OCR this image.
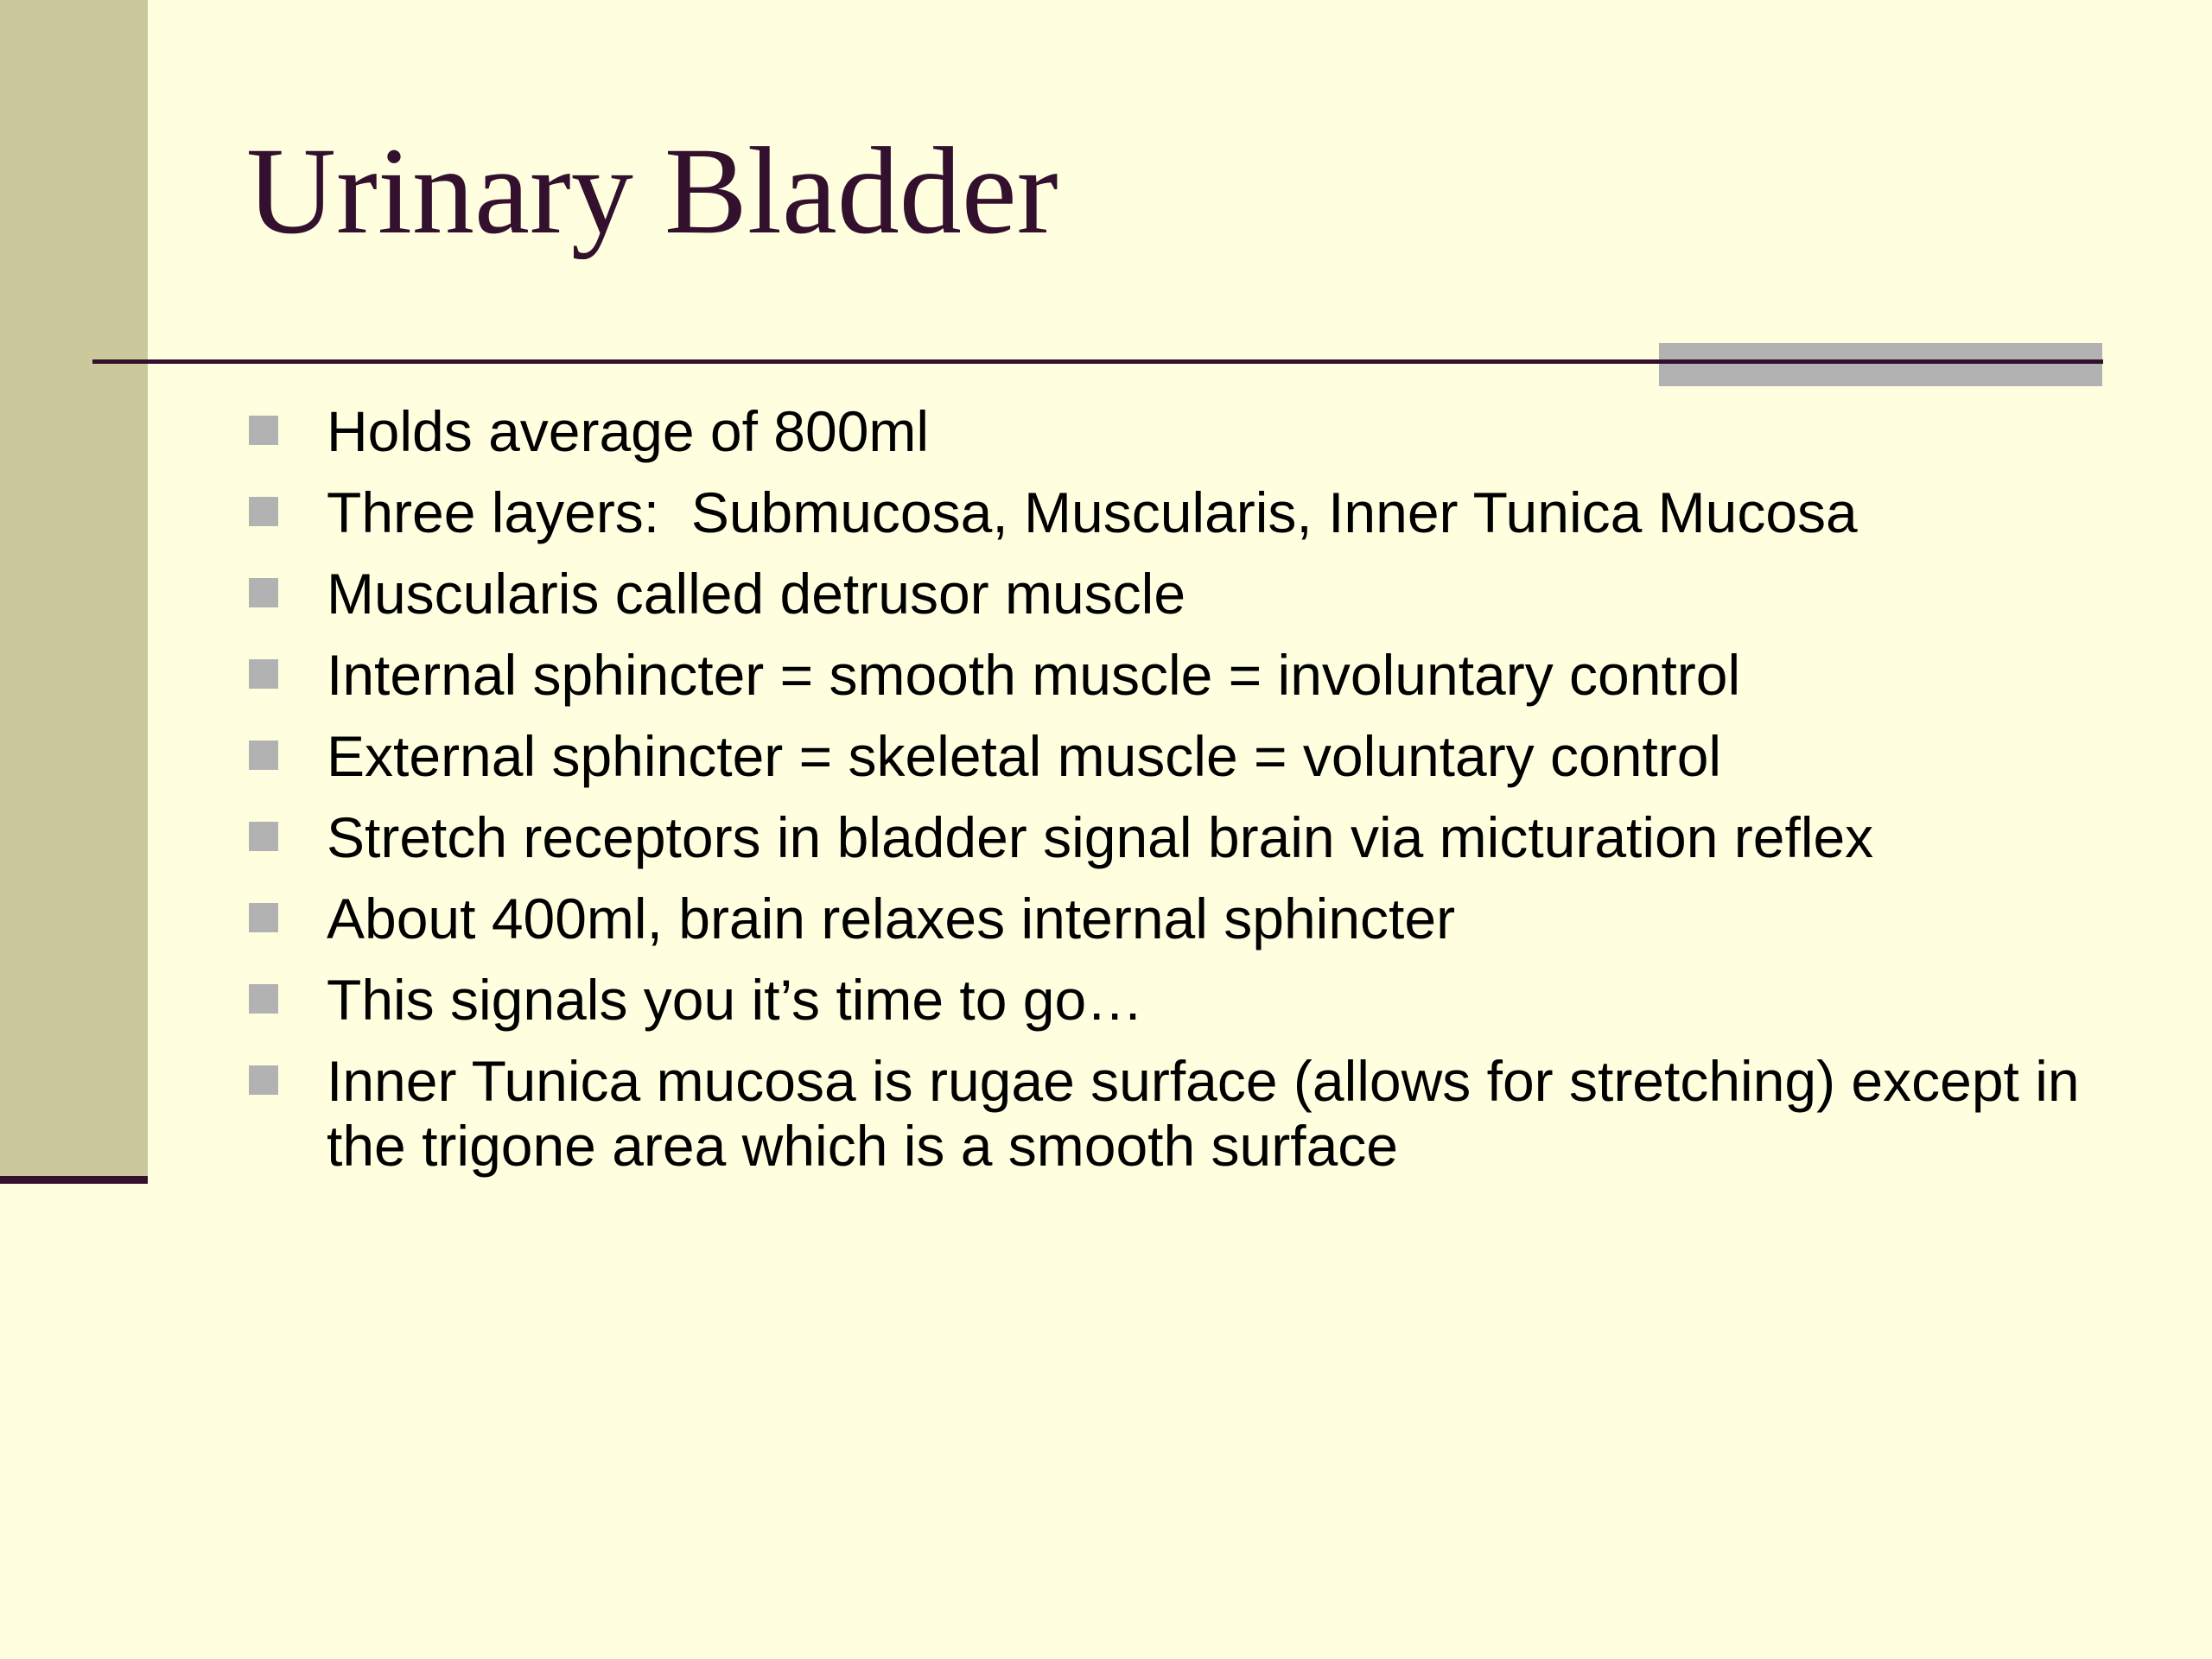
Urinary Bladder
Holds average of 800ml
Three layers:  Submucosa, Muscularis, Inner Tunica Mucosa
Muscularis called detrusor muscle
Internal sphincter = smooth muscle = involuntary control
External sphincter = skeletal muscle = voluntary control
Stretch receptors in bladder signal brain via micturation reflex
About 400ml, brain relaxes internal sphincter
This signals you it’s time to go…
Inner Tunica mucosa is rugae surface (allows for stretching) except in the trigone area which is a smooth surface
